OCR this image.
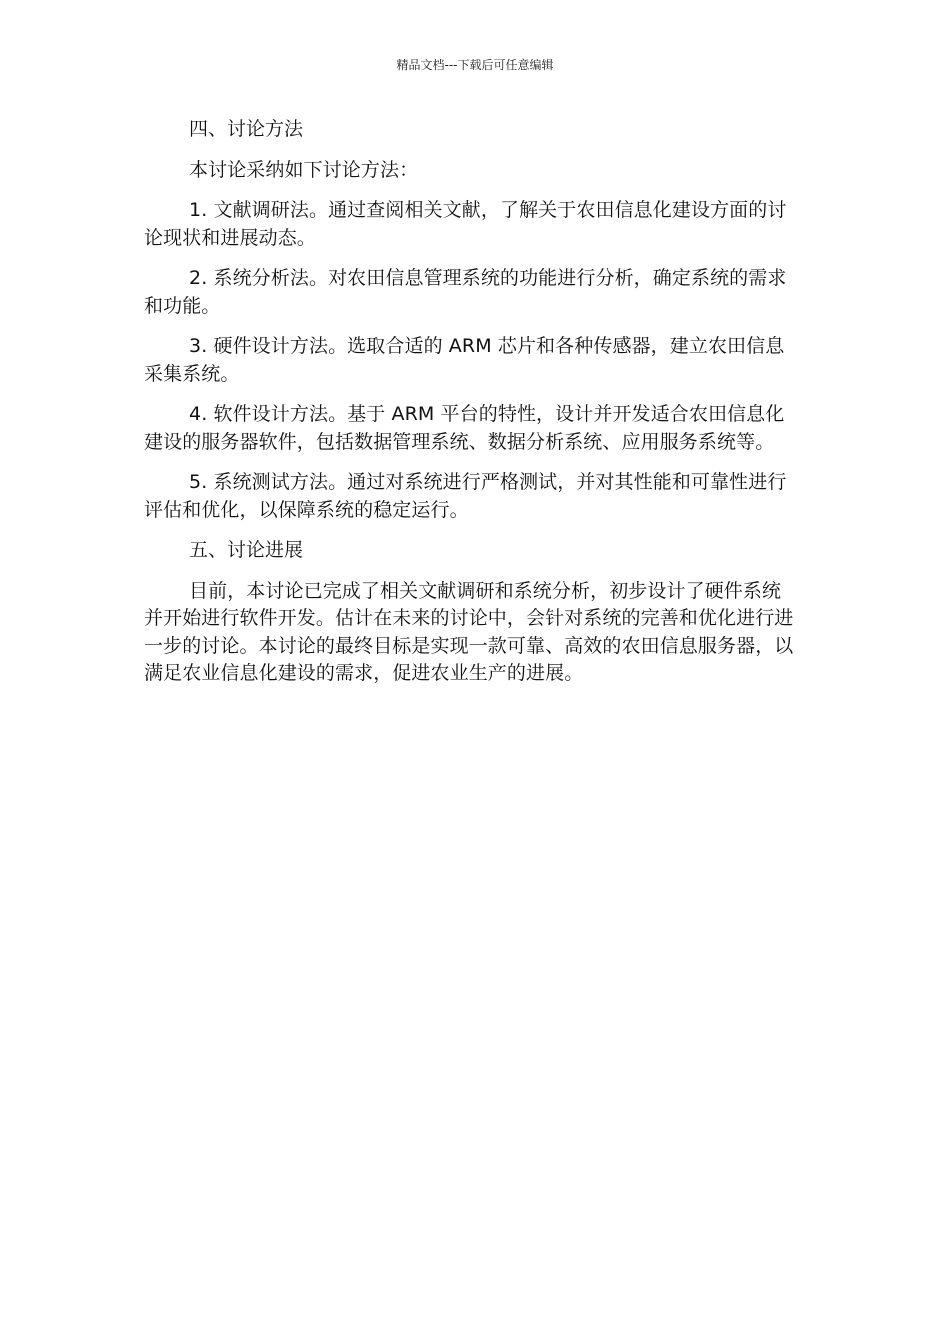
精品文档---下载后可任意编辑

四、讨论方法

本讨论采纳如下讨论方法：

1. 文献调研法。通过查阅相关文献，了解关于农田信息化建设方面的讨论现状和进展动态。

2. 系统分析法。对农田信息管理系统的功能进行分析，确定系统的需求和功能。

3. 硬件设计方法。选取合适的 ARM 芯片和各种传感器，建立农田信息采集系统。

4. 软件设计方法。基于 ARM 平台的特性，设计并开发适合农田信息化建设的服务器软件，包括数据管理系统、数据分析系统、应用服务系统等。

5. 系统测试方法。通过对系统进行严格测试，并对其性能和可靠性进行评估和优化，以保障系统的稳定运行。

五、讨论进展

目前，本讨论已完成了相关文献调研和系统分析，初步设计了硬件系统并开始进行软件开发。估计在未来的讨论中，会针对系统的完善和优化进行进一步的讨论。本讨论的最终目标是实现一款可靠、高效的农田信息服务器，以满足农业信息化建设的需求，促进农业生产的进展。
